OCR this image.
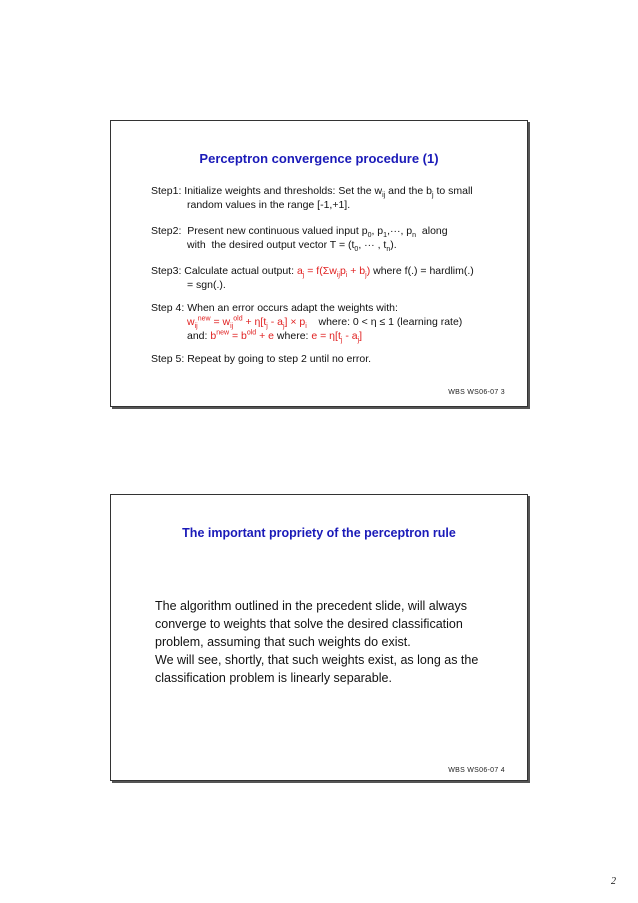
Perceptron convergence procedure (1)
Step1: Initialize weights and thresholds: Set the $w_{ij}$ and the $b_j$ to small
random values in the range [-1,+1].
Step2:  Present new continuous valued input $p_0$, $p_1,\cdot\cdot\cdot$, $p_n$  along
with  the desired output vector $T = (t_0$, ··· , $t_n$).
Step3: Calculate actual output: $a_j = f(\Sigma w_{ij}p_i + b_j)$ where f(.) = hardlim(.)
= sgn(.).
Step 4: When an error occurs adapt the weights with:
$w_{ij}^{new} = w_{ij}^{old} + \eta[t_j - a_j] \times p_i$    where: 0 < η ≤ 1 (learning rate)
and: $b^{new} = b^{old} + e$ where: $e = \eta[t_j - a_j]$
Step 5: Repeat by going to step 2 until no error.
WBS WS06-07 3
The important propriety of the perceptron rule
The algorithm outlined in the precedent slide, will always
converge to weights that solve the desired classification
problem, assuming that such weights do exist.
We will see, shortly, that such weights exist, as long as the
classification problem is linearly separable.
WBS WS06-07 4
2
